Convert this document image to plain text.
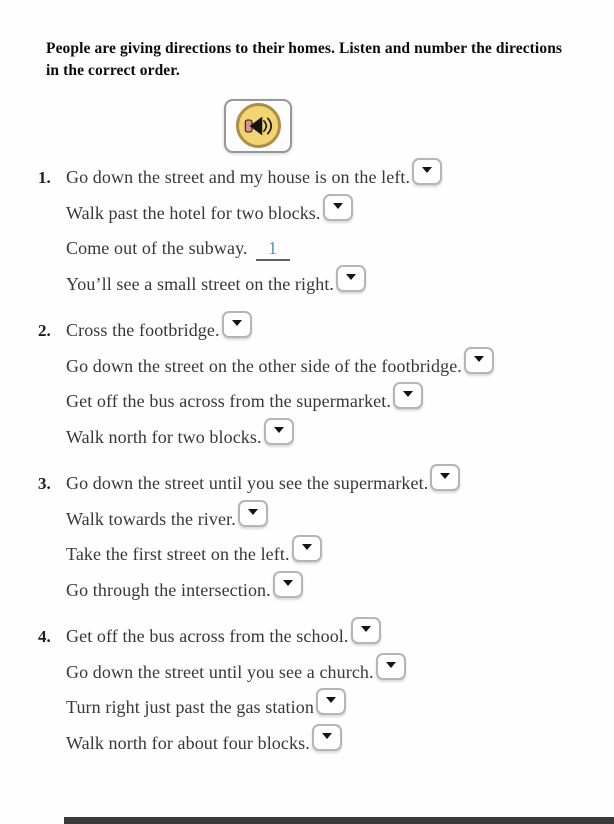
People are giving directions to their homes. Listen and number the directions in the correct order.
1. Go down the street and my house is on the left.
Walk past the hotel for two blocks.
Come out of the subway. 1
You’ll see a small street on the right.
2. Cross the footbridge.
Go down the street on the other side of the footbridge.
Get off the bus across from the supermarket.
Walk north for two blocks.
3. Go down the street until you see the supermarket.
Walk towards the river.
Take the first street on the left.
Go through the intersection.
4. Get off the bus across from the school.
Go down the street until you see a church.
Turn right just past the gas station
Walk north for about four blocks.
